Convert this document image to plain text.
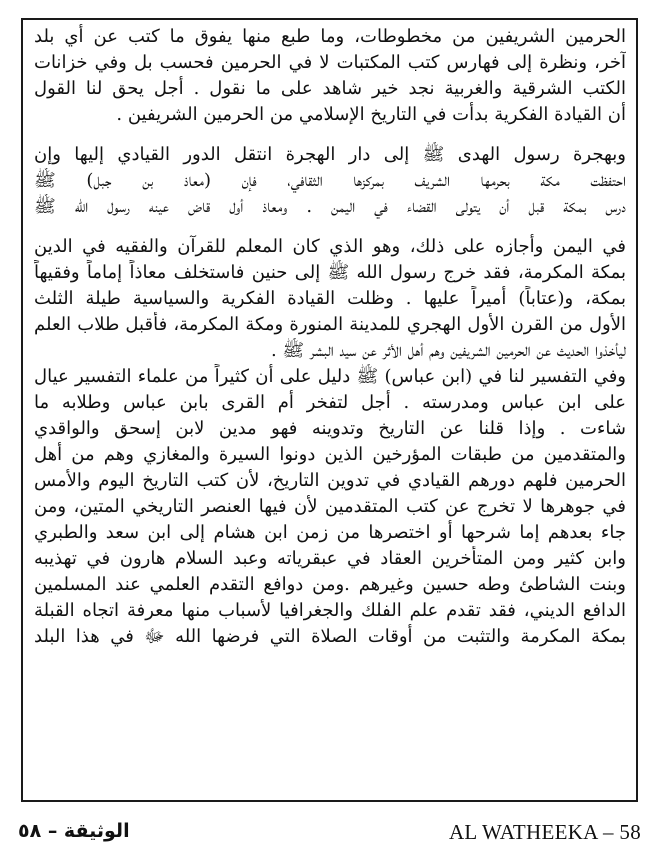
الحرمين الشريفين من مخطوطات، وما طبع منها يفوق ما كتب عن أي بلد
آخر، ونظرة إلى فهارس كتب المكتبات لا في الحرمين فحسب بل وفي خزانات
الكتب الشرقية والغربية نجد خير شاهد على ما نقول . أجل يحق لنا القول
أن القيادة الفكرية بدأت في التاريخ الإسلامي من الحرمين الشريفين .
وبهجرة رسول الهدى ﷺ إلى دار الهجرة انتقل الدور القيادي إليها وإن
احتفظت مكة بحرمها الشريف بمركزها الثقافي، فإن (معاذ بن جبل) ﷺ
درس بمكة قبل أن يتولى القضاء في اليمن . ومعاذ أول قاض عينه رسول الله ﷺ
في اليمن وأجازه على ذلك، وهو الذي كان المعلم للقرآن والفقيه في الدين
بمكة المكرمة، فقد خرج رسول الله ﷺ إلى حنين فاستخلف معاذاً إماماً وفقيهاً
بمكة، و(عتاباً) أميراً عليها . وظلت القيادة الفكرية والسياسية طيلة الثلث
الأول من القرن الأول الهجري للمدينة المنورة ومكة المكرمة، فأقبل طلاب العلم
ليأخذوا الحديث عن الحرمين الشريفين وهم أهل الأثر عن سيد البشر ﷺ .
وفي التفسير لنا في (ابن عباس) ﷺ دليل على أن كثيراً من علماء التفسير عيال
على ابن عباس ومدرسته . أجل لتفخر أم القرى بابن عباس وطلابه ما
شاءت . وإذا قلنا عن التاريخ وتدوينه فهو مدين لابن إسحق والواقدي
والمتقدمين من طبقات المؤرخين الذين دونوا السيرة والمغازي وهم من أهل
الحرمين فلهم دورهم القيادي في تدوين التاريخ، لأن كتب التاريخ اليوم والأمس
في جوهرها لا تخرج عن كتب المتقدمين لأن فيها العنصر التاريخي المتين، ومن
جاء بعدهم إما شرحها أو اختصرها من زمن ابن هشام إلى ابن سعد والطبري
وابن كثير ومن المتأخرين العقاد في عبقرياته وعبد السلام هارون في تهذيبه
وبنت الشاطئ وطه حسين وغيرهم .ومن دوافع التقدم العلمي عند المسلمين
الدافع الديني، فقد تقدم علم الفلك والجغرافيا لأسباب منها معرفة اتجاه القبلة
بمكة المكرمة والتثبت من أوقات الصلاة التي فرضها الله ﷻ في هذا البلد
الوثيقة – ٥٨	AL WATHEEKA – 58
